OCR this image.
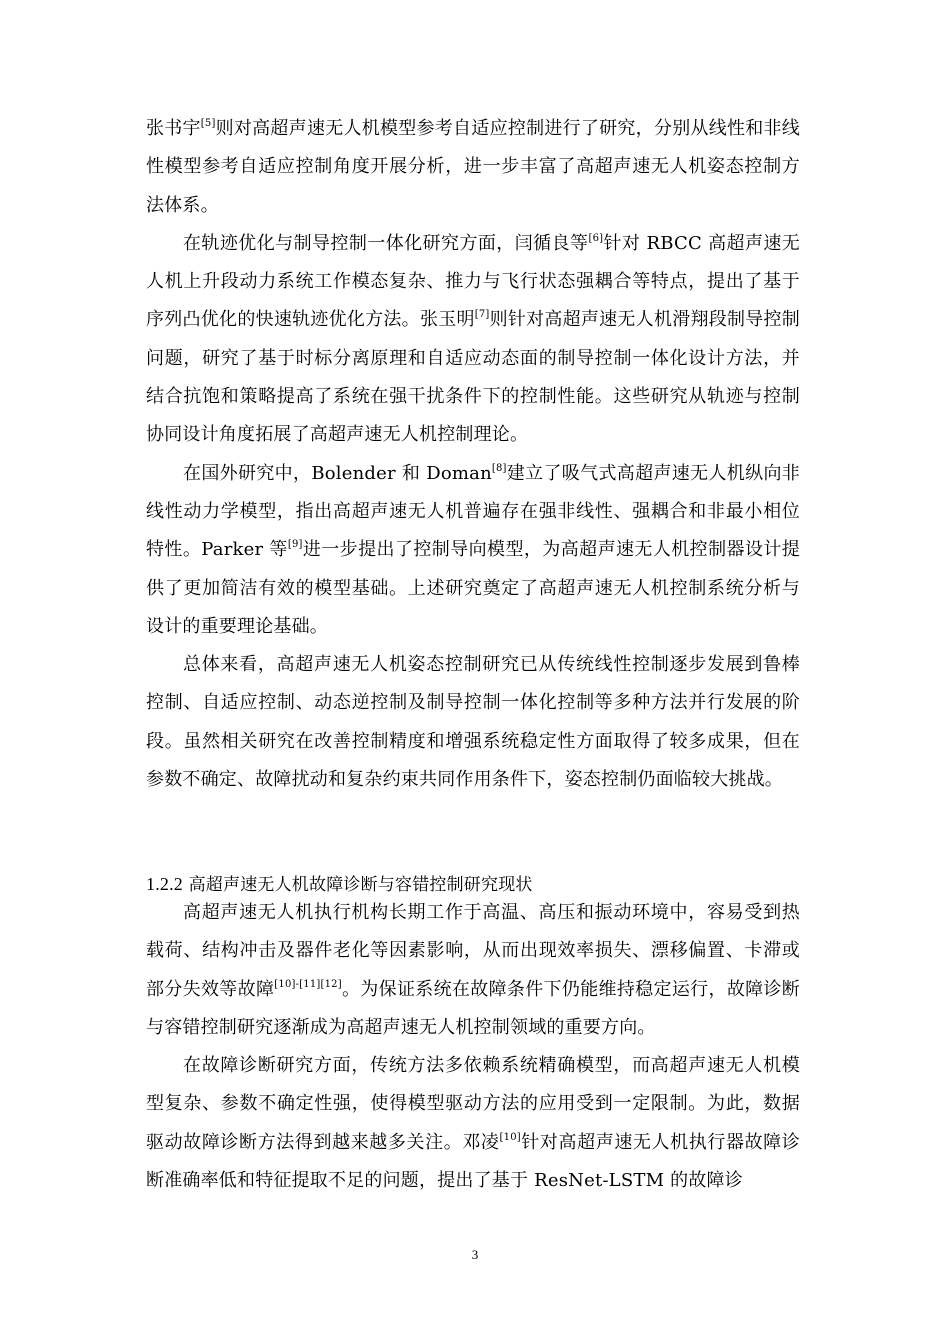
张书宇[5]则对高超声速无人机模型参考自适应控制进行了研究，分别从线性和非线性模型参考自适应控制角度开展分析，进一步丰富了高超声速无人机姿态控制方法体系。

在轨迹优化与制导控制一体化研究方面，闫循良等[6]针对 RBCC 高超声速无人机上升段动力系统工作模态复杂、推力与飞行状态强耦合等特点，提出了基于序列凸优化的快速轨迹优化方法。张玉明[7]则针对高超声速无人机滑翔段制导控制问题，研究了基于时标分离原理和自适应动态面的制导控制一体化设计方法，并结合抗饱和策略提高了系统在强干扰条件下的控制性能。这些研究从轨迹与控制协同设计角度拓展了高超声速无人机控制理论。

在国外研究中，Bolender 和 Doman[8]建立了吸气式高超声速无人机纵向非线性动力学模型，指出高超声速无人机普遍存在强非线性、强耦合和非最小相位特性。Parker 等[9]进一步提出了控制导向模型，为高超声速无人机控制器设计提供了更加简洁有效的模型基础。上述研究奠定了高超声速无人机控制系统分析与设计的重要理论基础。

总体来看，高超声速无人机姿态控制研究已从传统线性控制逐步发展到鲁棒控制、自适应控制、动态逆控制及制导控制一体化控制等多种方法并行发展的阶段。虽然相关研究在改善控制精度和增强系统稳定性方面取得了较多成果，但在参数不确定、故障扰动和复杂约束共同作用条件下，姿态控制仍面临较大挑战。

1.2.2 高超声速无人机故障诊断与容错控制研究现状

高超声速无人机执行机构长期工作于高温、高压和振动环境中，容易受到热载荷、结构冲击及器件老化等因素影响，从而出现效率损失、漂移偏置、卡滞或部分失效等故障[10]-[11][12]。为保证系统在故障条件下仍能维持稳定运行，故障诊断与容错控制研究逐渐成为高超声速无人机控制领域的重要方向。

在故障诊断研究方面，传统方法多依赖系统精确模型，而高超声速无人机模型复杂、参数不确定性强，使得模型驱动方法的应用受到一定限制。为此，数据驱动故障诊断方法得到越来越多关注。邓凌[10]针对高超声速无人机执行器故障诊断准确率低和特征提取不足的问题，提出了基于 ResNet-LSTM 的故障诊

3
